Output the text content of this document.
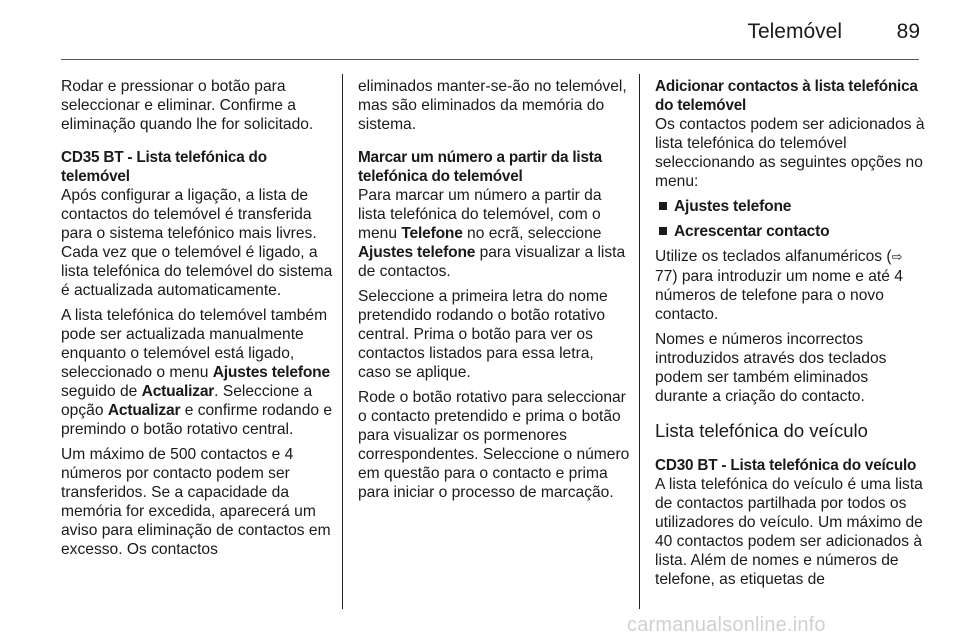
Telemóvel	89

Rodar e pressionar o botão para seleccionar e eliminar. Confirme a eliminação quando lhe for solicitado.

CD35 BT - Lista telefónica do telemóvel

Após configurar a ligação, a lista de contactos do telemóvel é transferida para o sistema telefónico mais livres. Cada vez que o telemóvel é ligado, a lista telefónica do telemóvel do sistema é actualizada automaticamente.

A lista telefónica do telemóvel também pode ser actualizada manualmente enquanto o telemóvel está ligado, seleccionado o menu Ajustes telefone seguido de Actualizar. Seleccione a opção Actualizar e confirme rodando e premindo o botão rotativo central.

Um máximo de 500 contactos e 4 números por contacto podem ser transferidos. Se a capacidade da memória for excedida, aparecerá um aviso para eliminação de contactos em excesso. Os contactos

eliminados manter-se-ão no telemóvel, mas são eliminados da memória do sistema.

Marcar um número a partir da lista telefónica do telemóvel

Para marcar um número a partir da lista telefónica do telemóvel, com o menu Telefone no ecrã, seleccione Ajustes telefone para visualizar a lista de contactos.

Seleccione a primeira letra do nome pretendido rodando o botão rotativo central. Prima o botão para ver os contactos listados para essa letra, caso se aplique.

Rode o botão rotativo para seleccionar o contacto pretendido e prima o botão para visualizar os pormenores correspondentes. Seleccione o número em questão para o contacto e prima para iniciar o processo de marcação.

Adicionar contactos à lista telefónica do telemóvel

Os contactos podem ser adicionados à lista telefónica do telemóvel seleccionando as seguintes opções no menu:

Ajustes telefone
Acrescentar contacto

Utilize os teclados alfanuméricos (⇨ 77) para introduzir um nome e até 4 números de telefone para o novo contacto.

Nomes e números incorrectos introduzidos através dos teclados podem ser também eliminados durante a criação do contacto.

Lista telefónica do veículo
CD30 BT - Lista telefónica do veículo

A lista telefónica do veículo é uma lista de contactos partilhada por todos os utilizadores do veículo. Um máximo de 40 contactos podem ser adicionados à lista. Além de nomes e números de telefone, as etiquetas de

carmanualsonline.info
